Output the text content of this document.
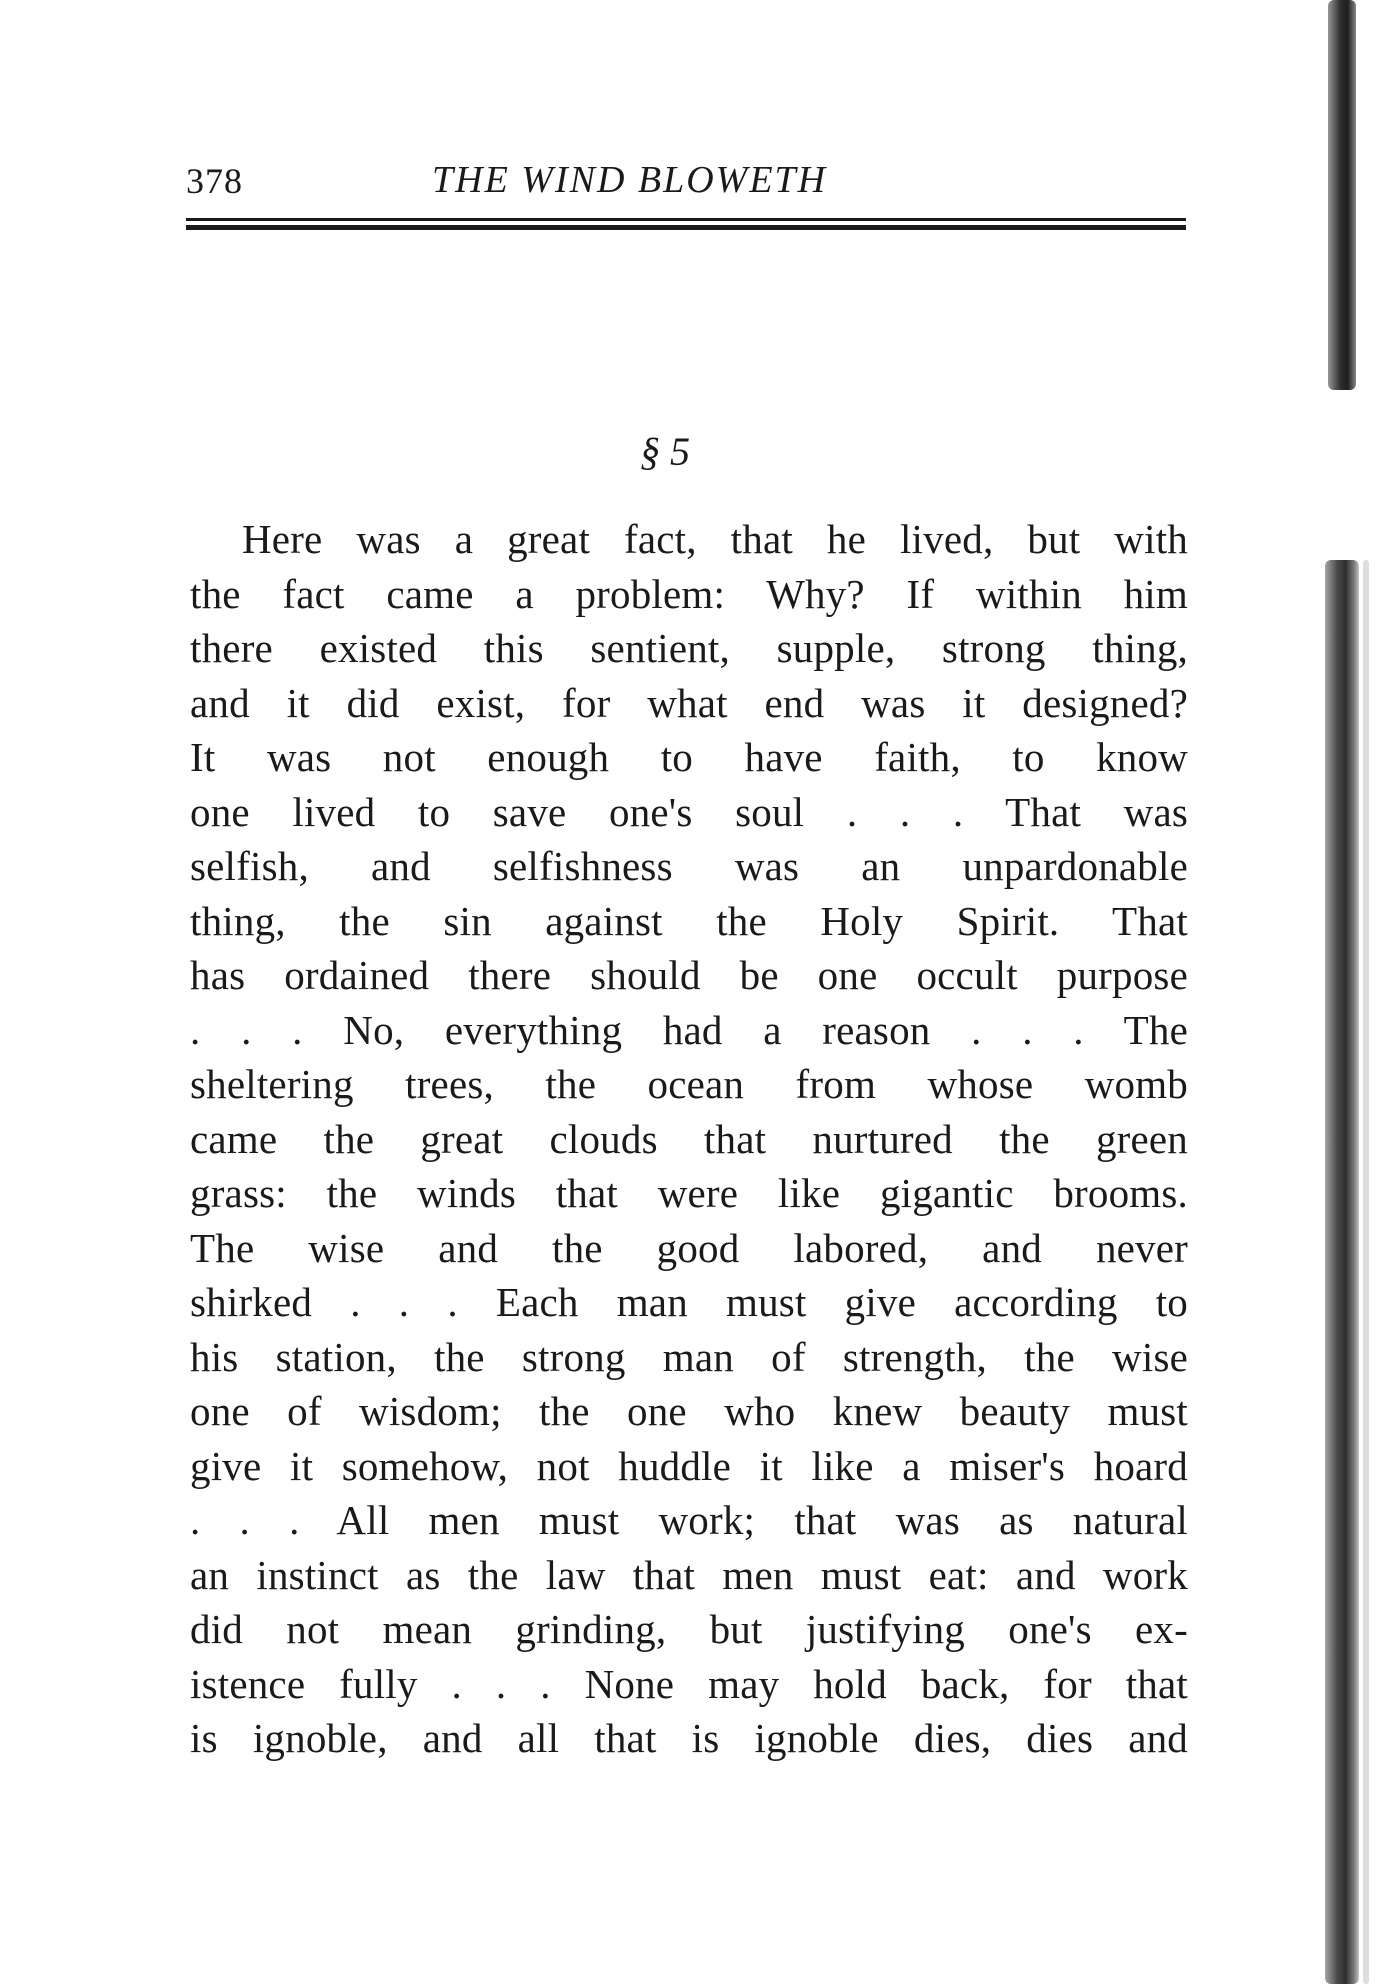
378	THE WIND BLOWETH
§ 5
Here was a great fact, that he lived, but with
the fact came a problem: Why? If within him
there existed this sentient, supple, strong thing,
and it did exist, for what end was it designed?
It was not enough to have faith, to know
one lived to save one's soul . . . That was
selfish, and selfishness was an unpardonable
thing, the sin against the Holy Spirit. That
has ordained there should be one occult purpose
. . . No, everything had a reason . . . The
sheltering trees, the ocean from whose womb
came the great clouds that nurtured the green
grass: the winds that were like gigantic brooms.
The wise and the good labored, and never
shirked . . . Each man must give according to
his station, the strong man of strength, the wise
one of wisdom; the one who knew beauty must
give it somehow, not huddle it like a miser's hoard
. . . All men must work; that was as natural
an instinct as the law that men must eat: and work
did not mean grinding, but justifying one's ex-
istence fully . . . None may hold back, for that
is ignoble, and all that is ignoble dies, dies and
